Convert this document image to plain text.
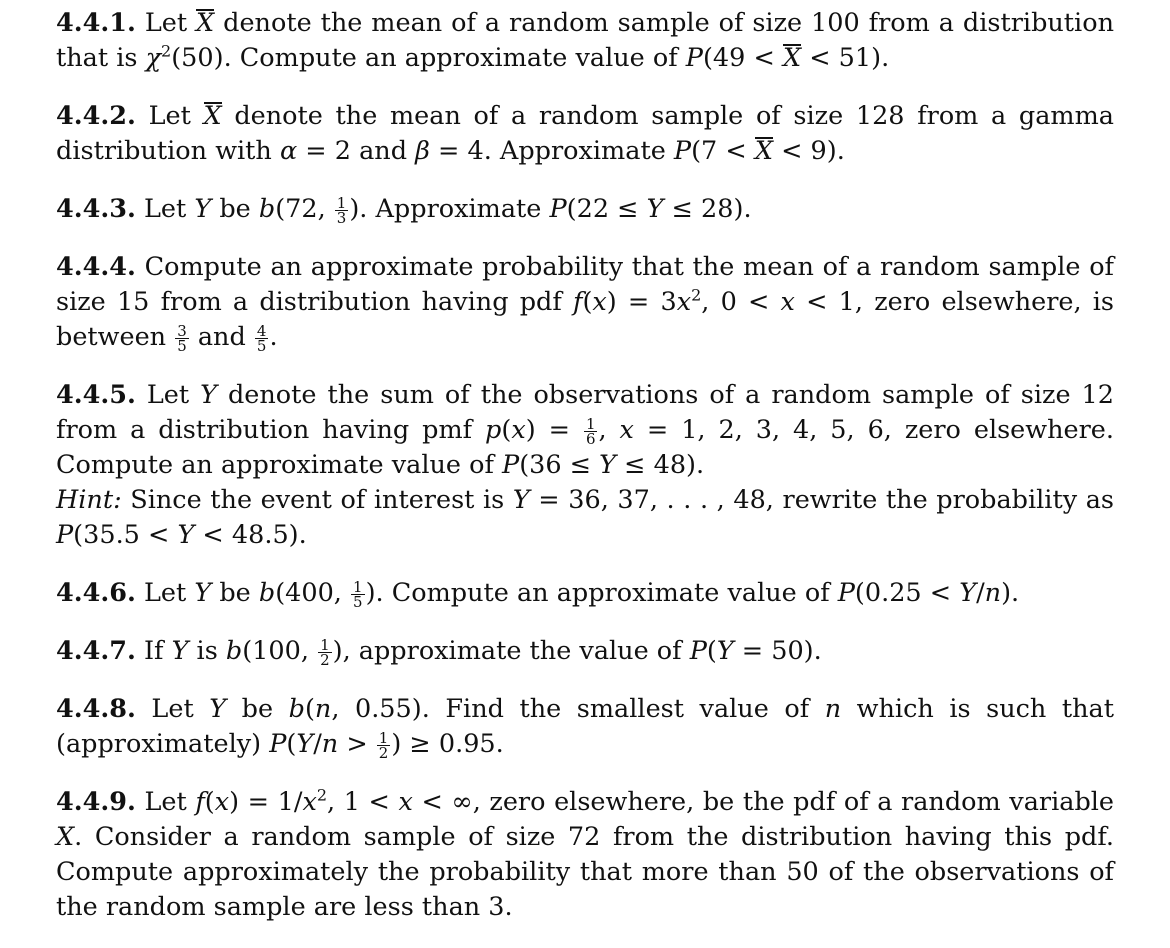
4.4.1. Let X denote the mean of a random sample of size 100 from a distribution that is $\chi^2(50)$. Compute an approximate value of P(49 < X < 51).

4.4.2. Let X denote the mean of a random sample of size 128 from a gamma distribution with α = 2 and β = 4. Approximate P(7 < X < 9).

4.4.3. Let Y be b(72, $\frac{1}{3}$ ). Approximate P(22 ≤ Y ≤ 28).

4.4.4. Compute an approximate probability that the mean of a random sample of size 15 from a distribution having pdf $f(x) = 3x^2$, 0 < x < 1, zero elsewhere, is between $\frac{3}{5}$ and $\frac{4}{5}$ .

4.4.5. Let Y denote the sum of the observations of a random sample of size 12 from a distribution having pmf $p(x) = \frac{1}{6}$ , x = 1, 2, 3, 4, 5, 6, zero elsewhere. Compute an approximate value of P(36 ≤ Y ≤ 48).
Hint: Since the event of interest is Y = 36, 37, . . . , 48, rewrite the probability as P(35.5 < Y < 48.5).

4.4.6. Let Y be b(400, $\frac{1}{5}$ ). Compute an approximate value of P(0.25 < Y/n).

4.4.7. If Y is b(100, $\frac{1}{2}$ ), approximate the value of P(Y = 50).

4.4.8. Let Y be b(n, 0.55). Find the smallest value of n which is such that (approximately) $P(Y/n > \frac{1}{2}$ ) ≥ 0.95.

4.4.9. Let $f(x) = 1/x^2$, 1 < x < ∞, zero elsewhere, be the pdf of a random variable X. Consider a random sample of size 72 from the distribution having this pdf. Compute approximately the probability that more than 50 of the observations of the random sample are less than 3.
